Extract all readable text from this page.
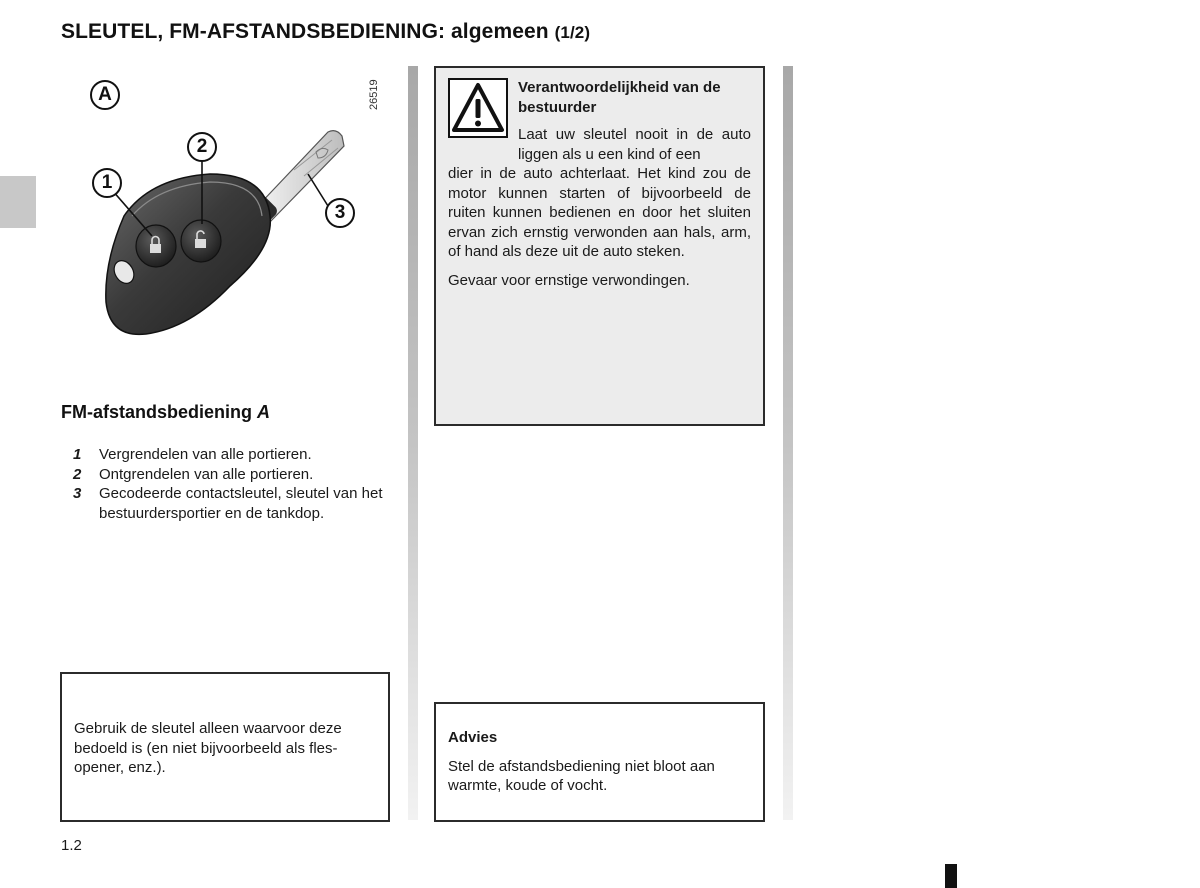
SLEUTEL, FM-AFSTANDSBEDIENING: algemeen (1/2)
A
1
2
3
26519
FM-afstandsbediening A
1	Vergrendelen van alle portieren.
2	Ontgrendelen van alle portieren.
3	Gecodeerde contactsleutel, sleutel van het bestuurdersportier en de tankdop.
Gebruik de sleutel alleen waarvoor deze bedoeld is (en niet bijvoorbeeld als fles-opener, enz.).
Verantwoordelijkheid van de bestuurder
Laat uw sleutel nooit in de auto liggen als u een kind of een
dier in de auto achterlaat. Het kind zou de motor kunnen starten of bijvoorbeeld de ruiten kunnen bedienen en door het sluiten ervan zich ernstig verwonden aan hals, arm, of hand als deze uit de auto steken.
Gevaar voor ernstige verwondingen.
Advies
Stel de afstandsbediening niet bloot aan warmte, koude of vocht.
1.2
